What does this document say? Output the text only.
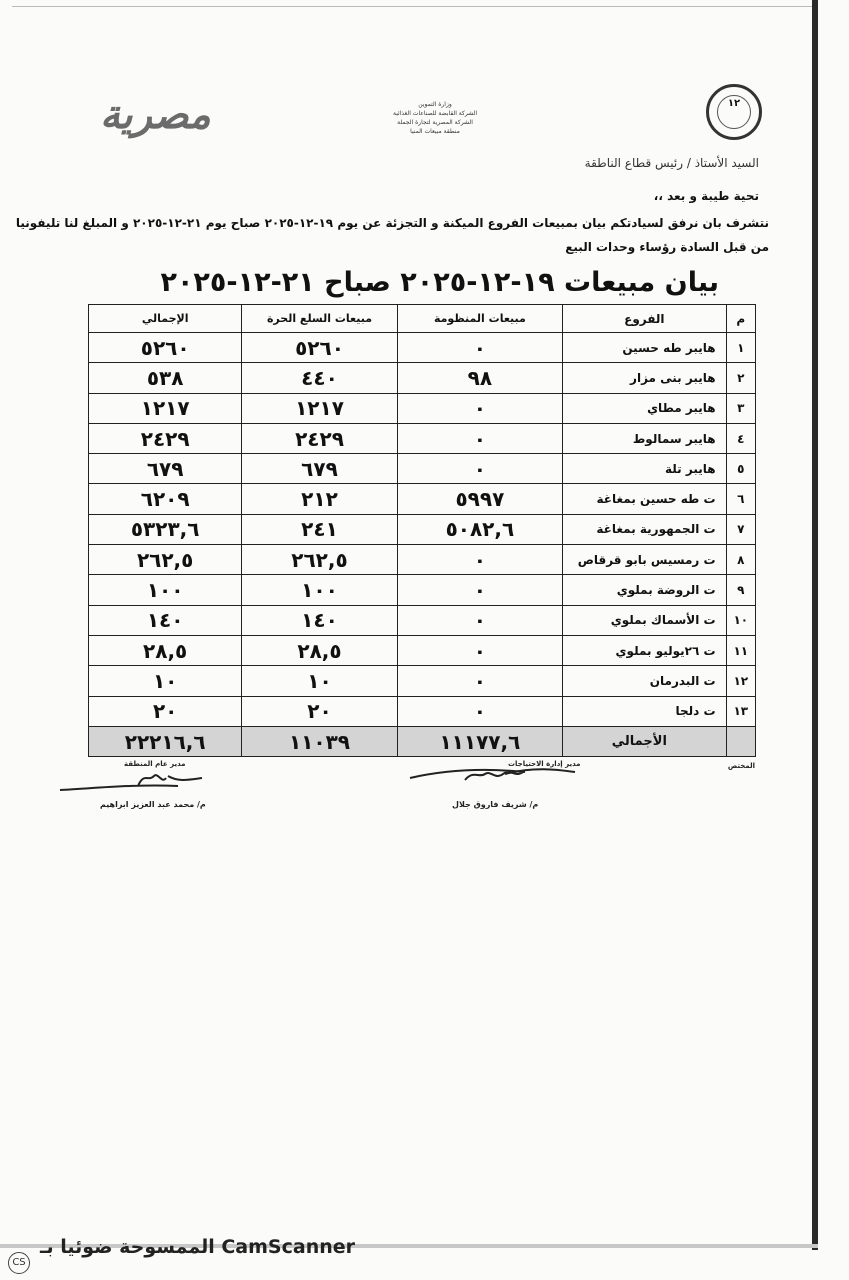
مصرية	وزارة التموين
الشركة القابضة للصناعات الغذائية
الشركة المصرية لتجارة الجملة
منطقة مبيعات المنيا
١٢
السيد الأستاذ / رئيس قطاع الناطقة
تحية طيبة و بعد ،،
نتشرف بان نرفق لسيادتكم بيان بمبيعات الفروع الميكنة و التجزئة عن يوم ١٩-١٢-٢٠٢٥ صباح يوم ٢١-١٢-٢٠٢٥ و المبلغ لنا تليفونيا
من قبل السادة رؤساء وحدات البيع
بيان مبيعات ١٩-١٢-٢٠٢٥ صباح ٢١-١٢-٢٠٢٥
م	الفروع	مبيعات المنظومة	مبيعات السلع الحرة	الإجمالي
١	هايبر طه حسين	٠	٥٢٦٠	٥٢٦٠
٢	هايبر بنى مزار	٩٨	٤٤٠	٥٣٨
٣	هايبر مطاي	٠	١٢١٧	١٢١٧
٤	هايبر سمالوط	٠	٢٤٢٩	٢٤٢٩
٥	هايبر تلة	٠	٦٧٩	٦٧٩
٦	ت طه حسين بمغاغة	٥٩٩٧	٢١٢	٦٢٠٩
٧	ت الجمهورية بمغاغة	٥٠٨٢,٦	٢٤١	٥٣٢٣,٦
٨	ت رمسيس بابو قرقاص	٠	٢٦٢,٥	٢٦٢,٥
٩	ت الروضة بملوي	٠	١٠٠	١٠٠
١٠	ت الأسماك بملوي	٠	١٤٠	١٤٠
١١	ت ٢٦يوليو بملوي	٠	٢٨,٥	٢٨,٥
١٢	ت البدرمان	٠	١٠	١٠
١٣	ت دلجا	٠	٢٠	٢٠
	الأجمالي	١١١٧٧,٦	١١٠٣٩	٢٢٢١٦,٦
المختص
مدير إدارة الاحتياجات
م/ شريف فاروق جلال
مدير عام المنطقة
م/ محمد عبد العزيز ابراهيم
الممسوحة ضوئيا بـ CamScanner
CS
